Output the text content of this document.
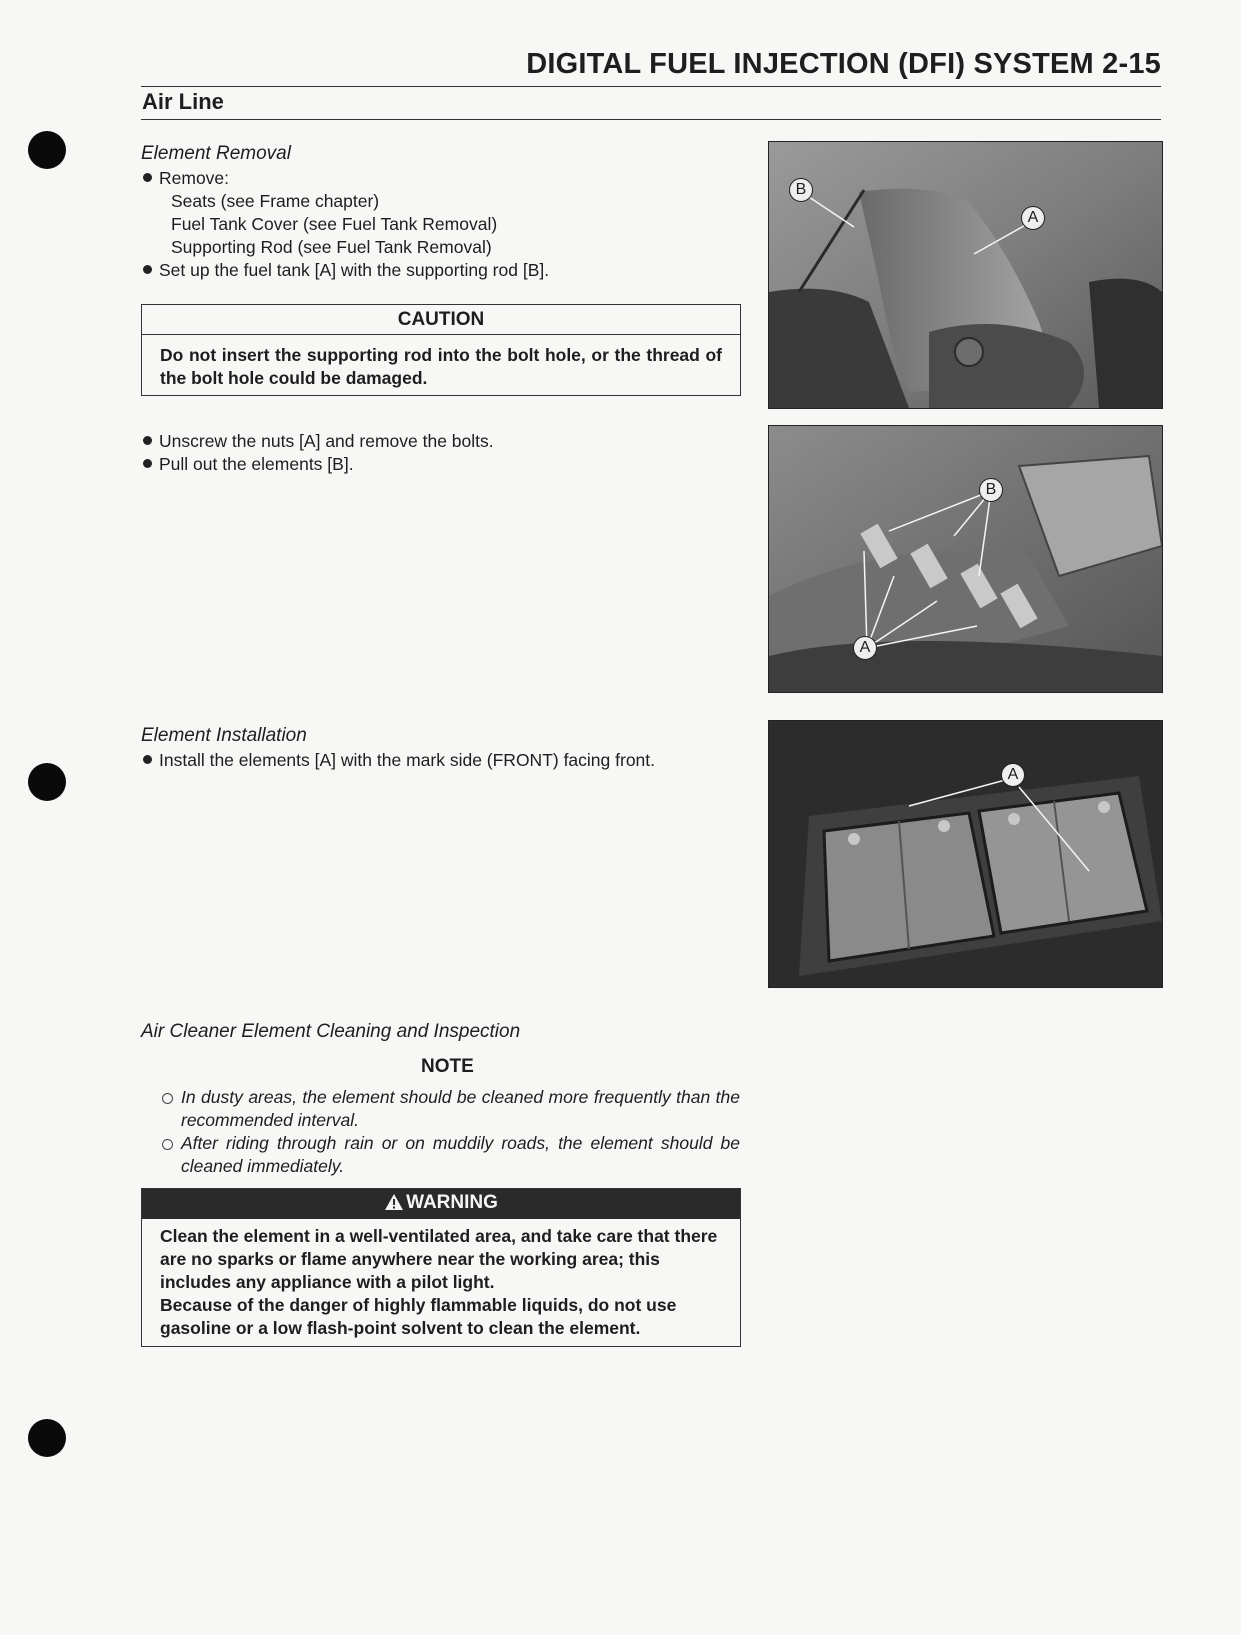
DIGITAL FUEL INJECTION (DFI) SYSTEM 2-15
Air Line
Element Removal
Remove:
Seats (see Frame chapter)
Fuel Tank Cover (see Fuel Tank Removal)
Supporting Rod (see Fuel Tank Removal)
Set up the fuel tank [A] with the supporting rod [B].
CAUTION
Do not insert the supporting rod into the bolt hole, or the thread of the bolt hole could be damaged.
Unscrew the nuts [A] and remove the bolts.
Pull out the elements [B].
Element Installation
Install the elements [A] with the mark side (FRONT) facing front.
Air Cleaner Element Cleaning and Inspection
NOTE
In dusty areas, the element should be cleaned more frequently than the recommended interval.
After riding through rain or on muddily roads, the element should be cleaned immediately.
WARNING
Clean the element in a well-ventilated area, and take care that there are no sparks or flame anywhere near the working area; this includes any appliance with a pilot light.
Because of the danger of highly flammable liquids, do not use gasoline or a low flash-point solvent to clean the element.
B
A
B
A
A
